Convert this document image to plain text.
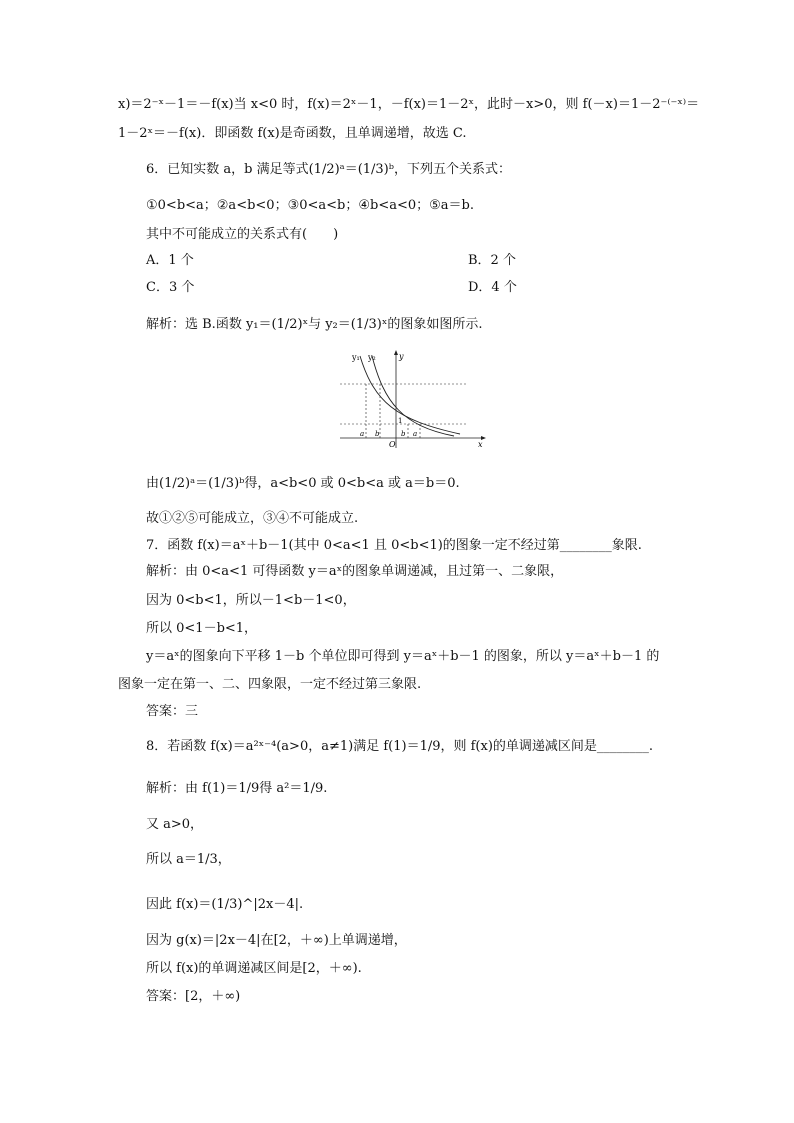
x)＝2⁻ˣ－1＝－f(x)当 x<0 时，f(x)＝2ˣ－1，－f(x)＝1－2ˣ，此时－x>0，则 f(－x)＝1－2⁻⁽⁻ˣ⁾＝
1－2ˣ＝－f(x)．即函数 f(x)是奇函数，且单调递增，故选 C.
6．已知实数 a，b 满足等式(1/2)ᵃ＝(1/3)ᵇ，下列五个关系式：
①0<b<a；②a<b<0；③0<a<b；④b<a<0；⑤a＝b.
其中不可能成立的关系式有(　　)
A．1 个	B．2 个
C．3 个	D．4 个
解析：选 B.函数 y₁＝(1/2)ˣ与 y₂＝(1/3)ˣ的图象如图所示.
由(1/2)ᵃ＝(1/3)ᵇ得，a<b<0 或 0<b<a 或 a＝b＝0.
故①②⑤可能成立，③④不可能成立.
7．函数 f(x)＝aˣ＋b－1(其中 0<a<1 且 0<b<1)的图象一定不经过第________象限.
解析：由 0<a<1 可得函数 y＝aˣ的图象单调递减，且过第一、二象限，
因为 0<b<1，所以－1<b－1<0，
所以 0<1－b<1，
y＝aˣ的图象向下平移 1－b 个单位即可得到 y＝aˣ＋b－1 的图象，所以 y＝aˣ＋b－1 的
图象一定在第一、二、四象限，一定不经过第三象限.
答案：三
8．若函数 f(x)＝a²ˣ⁻⁴(a>0，a≠1)满足 f(1)＝1/9，则 f(x)的单调递减区间是________.
解析：由 f(1)＝1/9得 a²＝1/9.
又 a>0，
所以 a＝1/3，
因此 f(x)＝(1/3)^|2x－4|.
因为 g(x)＝|2x－4|在[2，＋∞)上单调递增，
所以 f(x)的单调递减区间是[2，＋∞).
答案：[2，＋∞)
y₁ y₂	y
x
O
1
a b	b a
